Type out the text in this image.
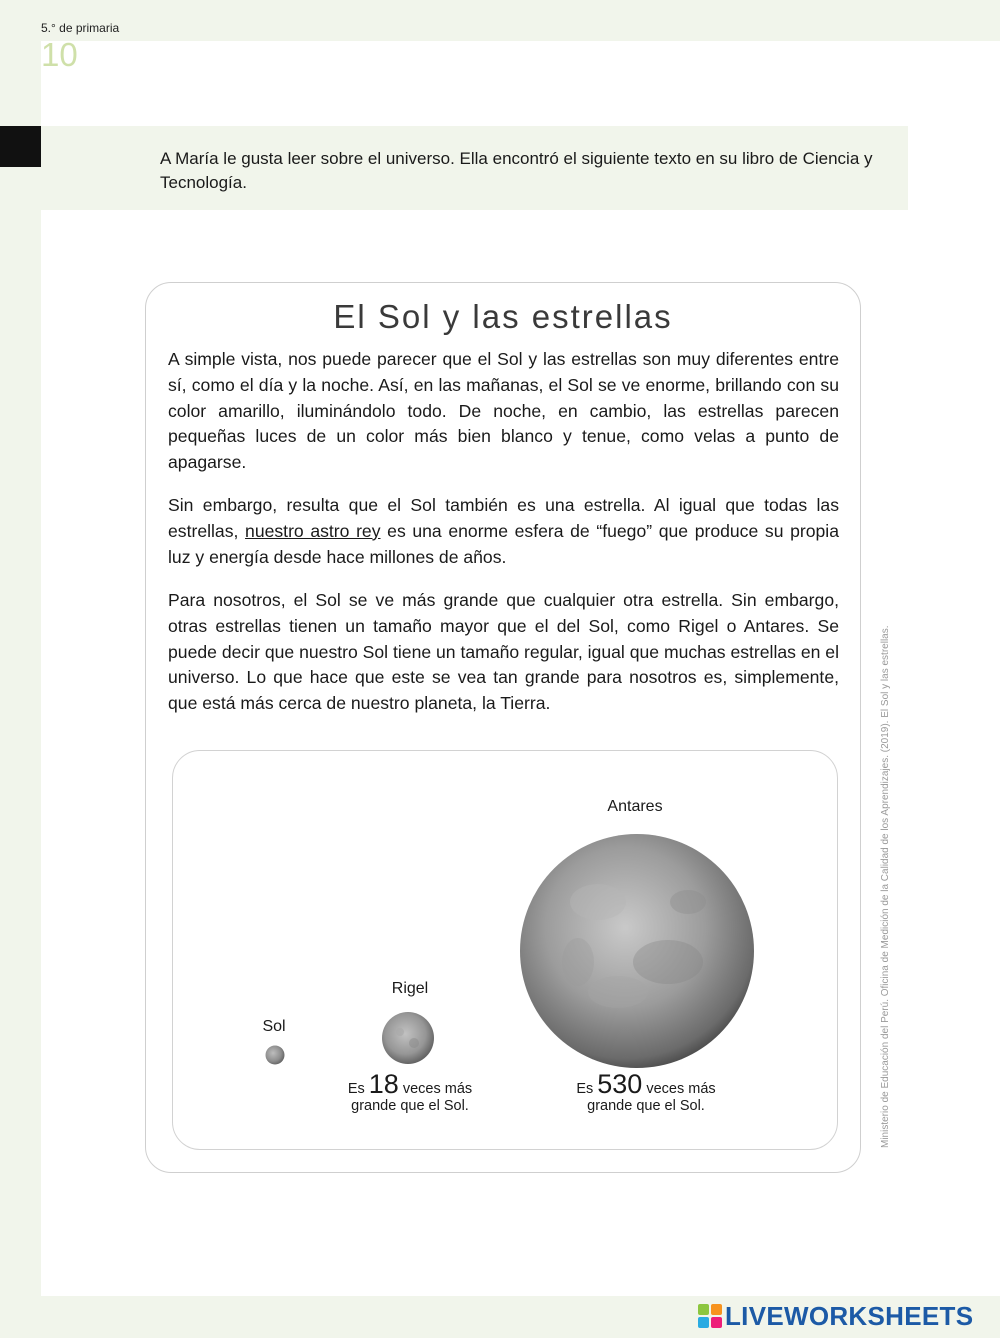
5.° de primaria
10
A María le gusta leer sobre el universo. Ella encontró el siguiente texto en su libro de Ciencia y Tecnología.
El Sol y las estrellas

A simple vista, nos puede parecer que el Sol y las estrellas son muy diferentes entre sí, como el día y la noche. Así, en las mañanas, el Sol se ve enorme, brillando con su color amarillo, iluminándolo todo. De noche, en cambio, las estrellas parecen pequeñas luces de un color más bien blanco y tenue, como velas a punto de apagarse.

Sin embargo, resulta que el Sol también es una estrella. Al igual que todas las estrellas, nuestro astro rey es una enorme esfera de “fuego” que produce su propia luz y energía desde hace millones de años.

Para nosotros, el Sol se ve más grande que cualquier otra estrella. Sin embargo, otras estrellas tienen un tamaño mayor que el del Sol, como Rigel o Antares. Se puede decir que nuestro Sol tiene un tamaño regular, igual que muchas estrellas en el universo. Lo que hace que este se vea tan grande para nosotros es, simplemente, que está más cerca de nuestro planeta, la Tierra.

Sol
Rigel
Antares
Es 18 veces más
grande que el Sol.
Es 530 veces más
grande que el Sol.	Ministerio de Educación del Perú. Oficina de Medición de la Calidad de los Aprendizajes. (2019). El Sol y las estrellas.
LIVEWORKSHEETS
